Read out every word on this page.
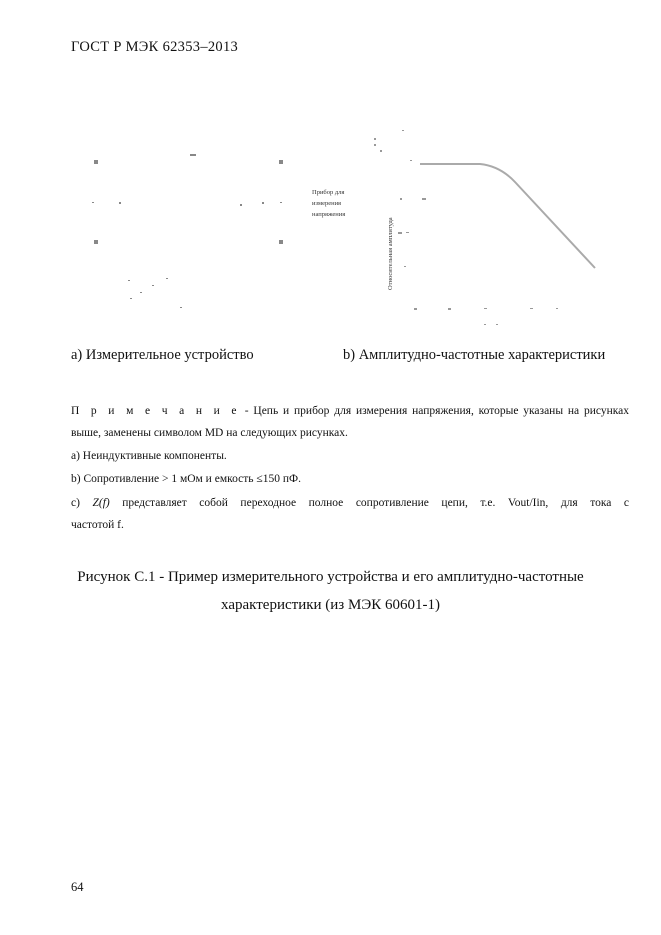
ГОСТ Р МЭК 62353–2013
Прибор для
измерения
напряжения
Относительная амплитуда
a) Измерительное устройство	b) Амплитудно-частотные характеристики
П р и м е ч а н и е - Цепь и прибор для измерения напряжения, которые указаны на рисунках
выше, заменены символом MD на следующих рисунках.
a) Неиндуктивные компоненты.
b) Сопротивление > 1 мОм и емкость ≤150 пФ.
c) Z(f) представляет собой переходное полное сопротивление цепи, т.е. Vout/Iin, для тока с
частотой f.
Рисунок С.1 - Пример измерительного устройства и его амплитудно-частотные
характеристики (из МЭК 60601-1)
64
